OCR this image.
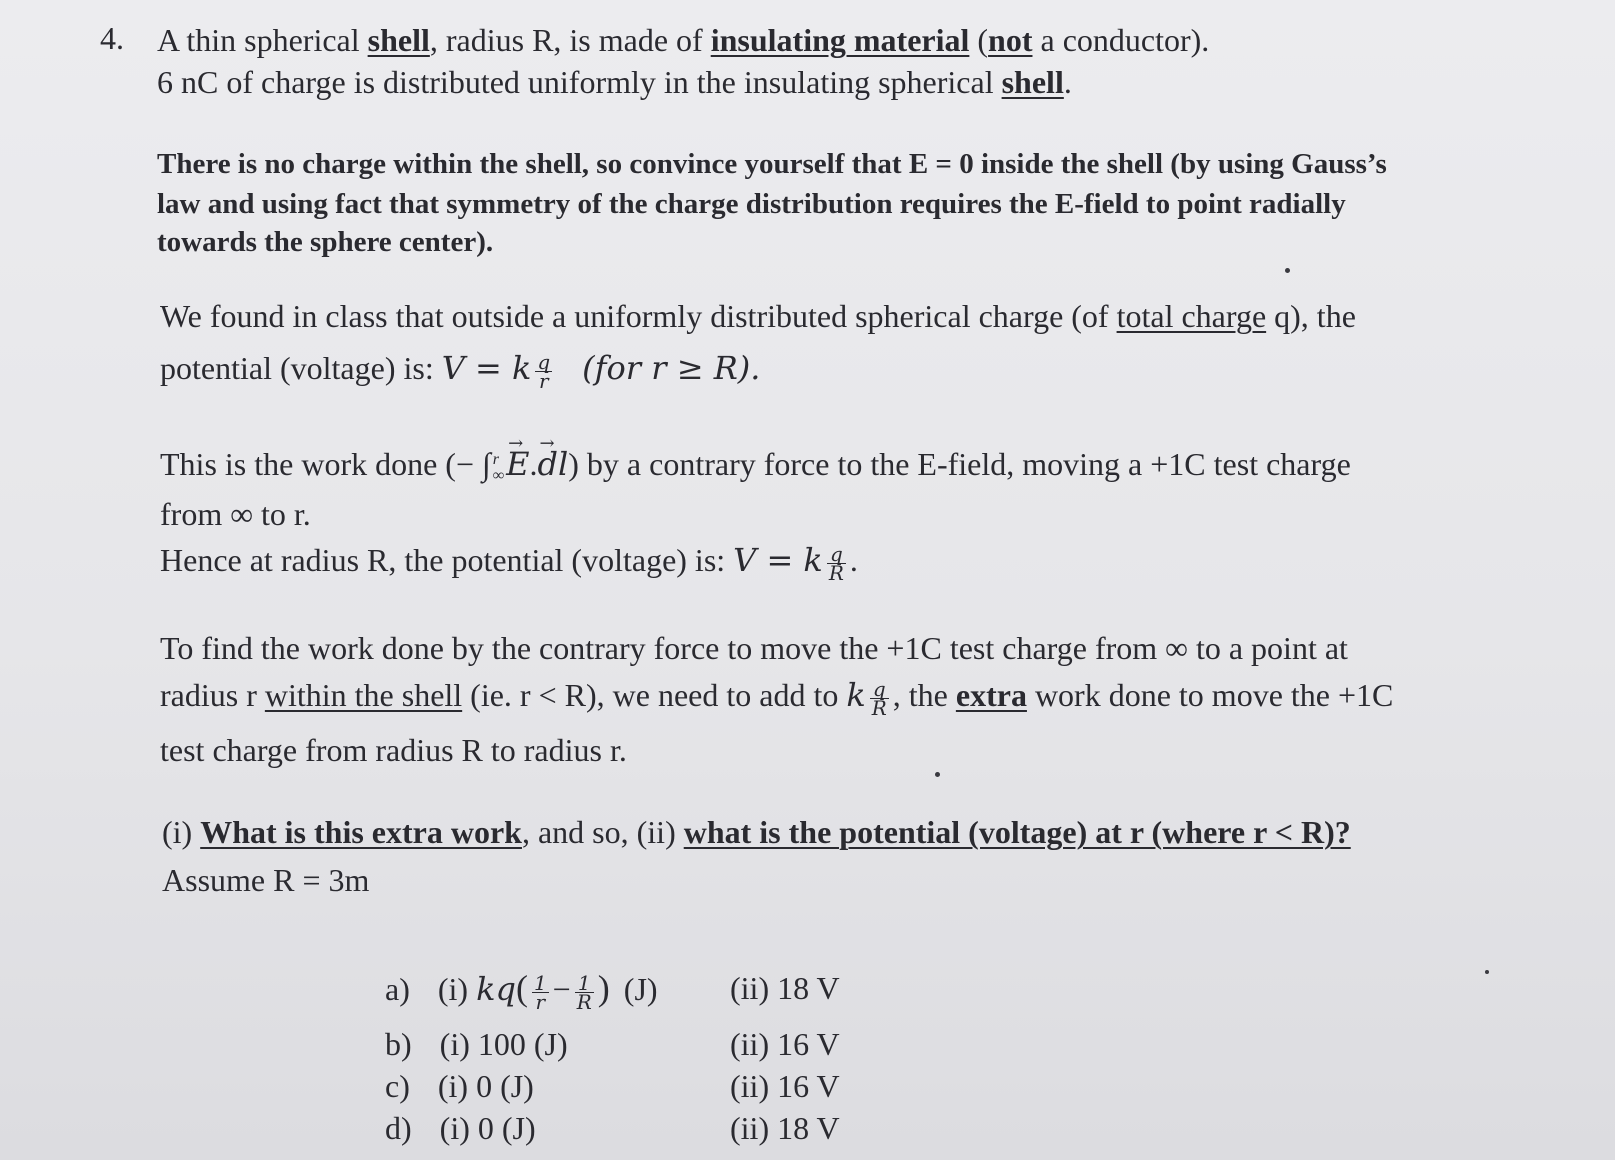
4. A thin spherical shell, radius R, is made of insulating material (not a conductor).
6 nC of charge is distributed uniformly in the insulating spherical shell.
There is no charge within the shell, so convince yourself that E = 0 inside the shell (by using Gauss’s
law and using fact that symmetry of the charge distribution requires the E-field to point radially
towards the sphere center).
We found in class that outside a uniformly distributed spherical charge (of total charge q), the
potential (voltage) is: V = k $\frac{q}{r} (for$ r ≥ R).
This is the work done (− ∫ r
∞
→ E.→ dl) by a contrary force to the E-field, moving a +1C test charge
from ∞ to r.
Hence at radius R, the potential (voltage) is: V = k $\frac{q}{R}$ .
To find the work done by the contrary force to move the +1C test charge from ∞ to a point at
radius r within the shell (ie. r < R), we need to add to k $\frac{q}{R}$ , the extra work done to move the +1C
test charge from radius R to radius r.
(i) What is this extra work, and so, (ii) what is the potential (voltage) at r (where r < R)?
Assume R = 3m
a) (i) $kq( \frac{1}{r} - \frac{1}{R}$ ) (J) (ii) 18 V
b) (i) 100 (J)	(ii) 16 V
c) (i) 0 (J)	(ii) 16 V
d) (i) 0 (J)	(ii) 18 V
